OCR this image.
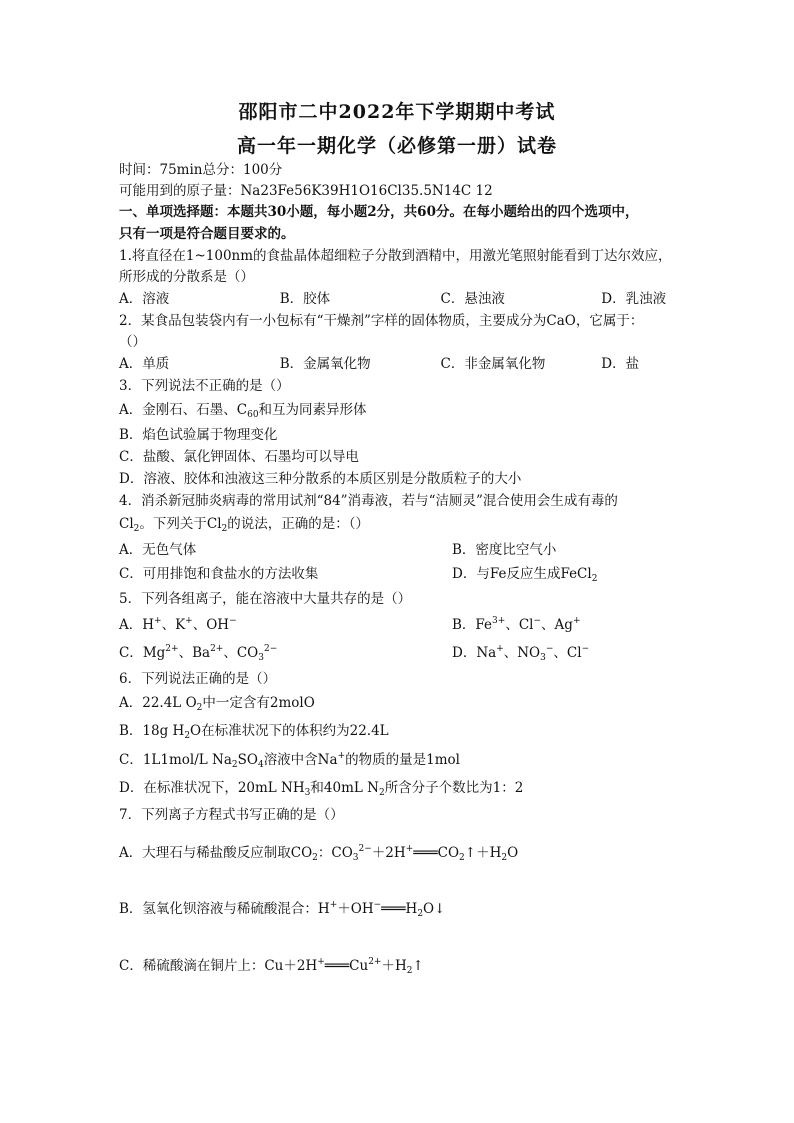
邵阳市二中2022年下学期期中考试
高一年一期化学（必修第一册）试卷
时间：75min总分：100分
可能用到的原子量：Na23Fe56K39H1O16Cl35.5N14C 12
一、单项选择题：本题共30小题，每小题2分，共60分。在每小题给出的四个选项中，
只有一项是符合题目要求的。
1.将直径在1~100nm的食盐晶体超细粒子分散到酒精中，用激光笔照射能看到丁达尔效应，
所形成的分散系是（）
A．溶液	B．胶体	C．悬浊液	D．乳浊液
2．某食品包装袋内有一小包标有“干燥剂”字样的固体物质，主要成分为CaO，它属于：
（）
A．单质	B．金属氧化物	C．非金属氧化物	D．盐
3．下列说法不正确的是（）
A．金刚石、石墨、$C_{60}$和互为同素异形体
B．焰色试验属于物理变化
C．盐酸、氯化钾固体、石墨均可以导电
D．溶液、胶体和浊液这三种分散系的本质区别是分散质粒子的大小
4．消杀新冠肺炎病毒的常用试剂“84”消毒液，若与“洁厕灵”混合使用会生成有毒的
$Cl_2$。下列关于$Cl_2$的说法，正确的是：（）
A．无色气体	B．密度比空气小
C．可用排饱和食盐水的方法收集	D．与Fe反应生成FeCl$_2$
5．下列各组离子，能在溶液中大量共存的是（）
A．H+、K+、OH−	B．$Fe^{3+}$、Cl−、Ag+
C．$Mg^{2+}$、$Ba^{2+}$、$CO_3^{2-}$	D．Na+、$NO_3^-$、Cl−
6．下列说法正确的是（）
A．22.4L $O_2$中一定含有2molO
B．18g $H_2O$在标准状况下的体积约为22.4L
C．1L1mol/L $Na_2SO_4$溶液中含Na+的物质的量是1mol
D．在标准状况下，20mL $NH_3$和40mL $N_2$所含分子个数比为1：2
7．下列离子方程式书写正确的是（）
A．大理石与稀盐酸反应制取$CO_2$：$CO_3^{2-}+2H^+═══CO_2↑+H_2O$
B．氢氧化钡溶液与稀硫酸混合：$H^++OH^-═══H_2O↓$
C．稀硫酸滴在铜片上：$Cu+2H^+═══Cu^{2+}+H_2↑$
